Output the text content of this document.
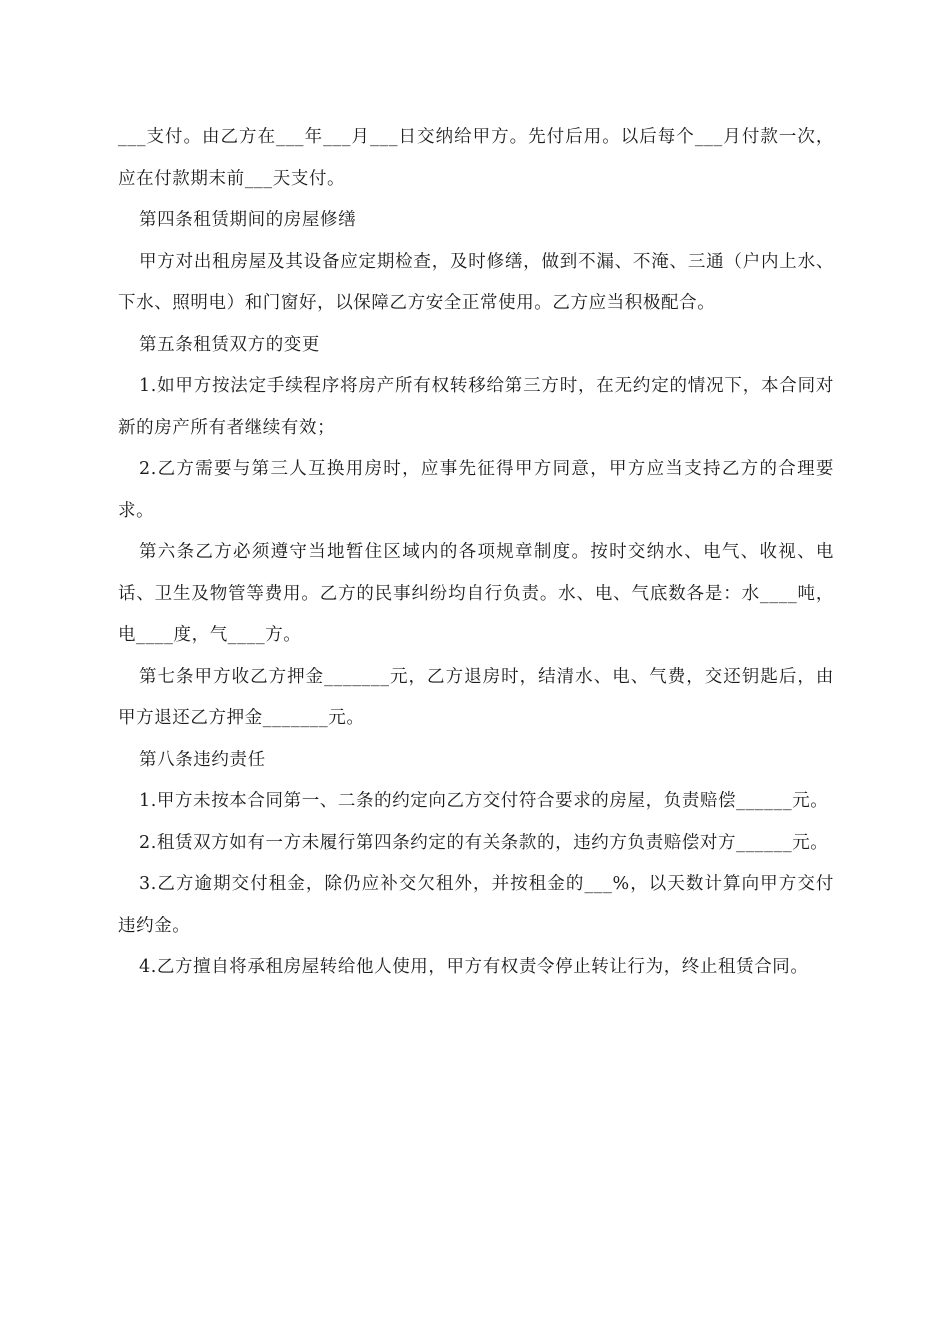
___支付。由乙方在___年___月___日交纳给甲方。先付后用。以后每个___月付款一次，应在付款期末前___天支付。

第四条租赁期间的房屋修缮

甲方对出租房屋及其设备应定期检查，及时修缮，做到不漏、不淹、三通（户内上水、下水、照明电）和门窗好，以保障乙方安全正常使用。乙方应当积极配合。

第五条租赁双方的变更

1.如甲方按法定手续程序将房产所有权转移给第三方时，在无约定的情况下，本合同对新的房产所有者继续有效；

2.乙方需要与第三人互换用房时，应事先征得甲方同意，甲方应当支持乙方的合理要求。

第六条乙方必须遵守当地暂住区域内的各项规章制度。按时交纳水、电气、收视、电话、卫生及物管等费用。乙方的民事纠纷均自行负责。水、电、气底数各是：水____吨，电____度，气____方。

第七条甲方收乙方押金_______元，乙方退房时，结清水、电、气费，交还钥匙后，由甲方退还乙方押金_______元。

第八条违约责任

1.甲方未按本合同第一、二条的约定向乙方交付符合要求的房屋，负责赔偿______元。

2.租赁双方如有一方未履行第四条约定的有关条款的，违约方负责赔偿对方______元。

3.乙方逾期交付租金，除仍应补交欠租外，并按租金的___%，以天数计算向甲方交付违约金。

4.乙方擅自将承租房屋转给他人使用，甲方有权责令停止转让行为，终止租赁合同。
